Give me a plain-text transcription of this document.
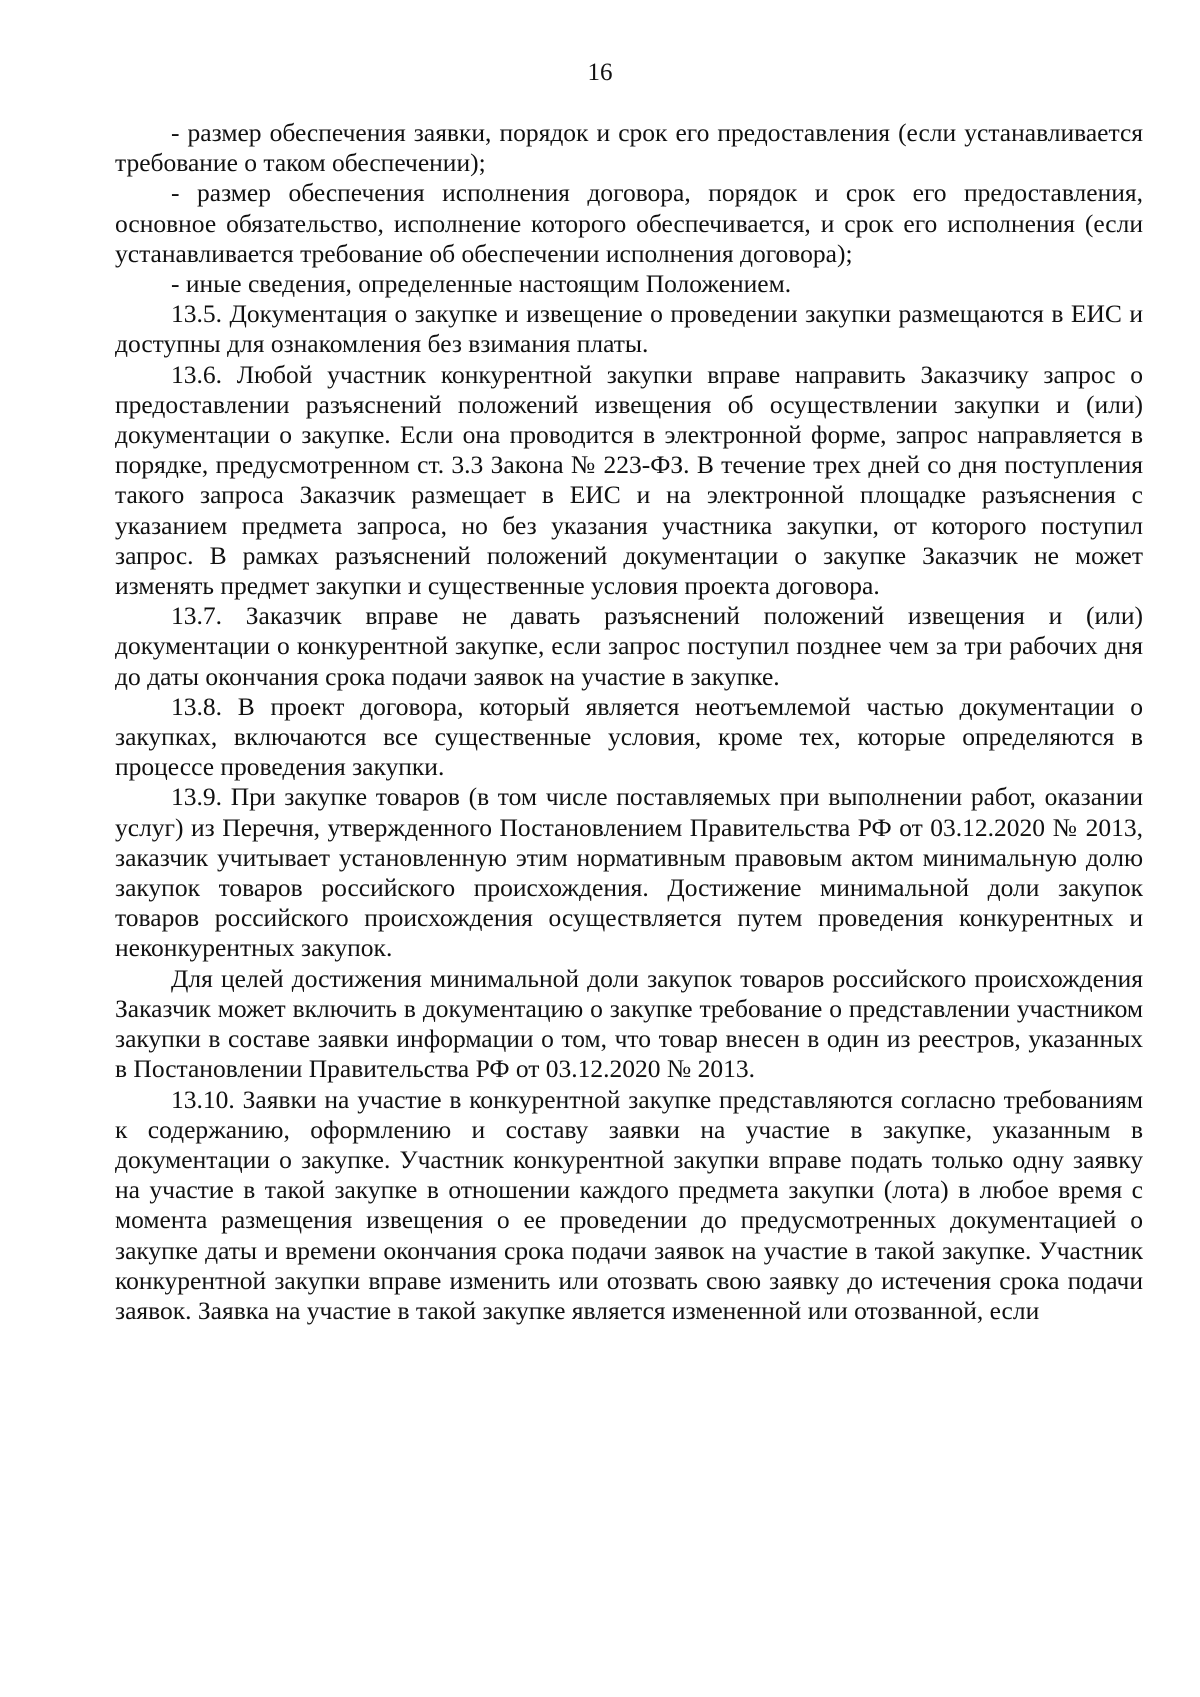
16

- размер обеспечения заявки, порядок и срок его предоставления (если устанавливается требование о таком обеспечении);

- размер обеспечения исполнения договора, порядок и срок его предоставления, основное обязательство, исполнение которого обеспечивается, и срок его исполнения (если устанавливается требование об обеспечении исполнения договора);

- иные сведения, определенные настоящим Положением.

13.5. Документация о закупке и извещение о проведении закупки размещаются в ЕИС и доступны для ознакомления без взимания платы.

13.6. Любой участник конкурентной закупки вправе направить Заказчику запрос о предоставлении разъяснений положений извещения об осуществлении закупки и (или) документации о закупке. Если она проводится в электронной форме, запрос направляется в порядке, предусмотренном ст. 3.3 Закона № 223-ФЗ. В течение трех дней со дня поступления такого запроса Заказчик размещает в ЕИС и на электронной площадке разъяснения с указанием предмета запроса, но без указания участника закупки, от которого поступил запрос. В рамках разъяснений положений документации о закупке Заказчик не может изменять предмет закупки и существенные условия проекта договора.

13.7. Заказчик вправе не давать разъяснений положений извещения и (или) документации о конкурентной закупке, если запрос поступил позднее чем за три рабочих дня до даты окончания срока подачи заявок на участие в закупке.

13.8. В проект договора, который является неотъемлемой частью документации о закупках, включаются все существенные условия, кроме тех, которые определяются в процессе проведения закупки.

13.9. При закупке товаров (в том числе поставляемых при выполнении работ, оказании услуг) из Перечня, утвержденного Постановлением Правительства РФ от 03.12.2020 № 2013, заказчик учитывает установленную этим нормативным правовым актом минимальную долю закупок товаров российского происхождения. Достижение минимальной доли закупок товаров российского происхождения осуществляется путем проведения конкурентных и неконкурентных закупок.

Для целей достижения минимальной доли закупок товаров российского происхождения Заказчик может включить в документацию о закупке требование о представлении участником закупки в составе заявки информации о том, что товар внесен в один из реестров, указанных в Постановлении Правительства РФ от 03.12.2020 № 2013.

13.10. Заявки на участие в конкурентной закупке представляются согласно требованиям к содержанию, оформлению и составу заявки на участие в закупке, указанным в документации о закупке. Участник конкурентной закупки вправе подать только одну заявку на участие в такой закупке в отношении каждого предмета закупки (лота) в любое время с момента размещения извещения о ее проведении до предусмотренных документацией о закупке даты и времени окончания срока подачи заявок на участие в такой закупке. Участник конкурентной закупки вправе изменить или отозвать свою заявку до истечения срока подачи заявок. Заявка на участие в такой закупке является измененной или отозванной, если
